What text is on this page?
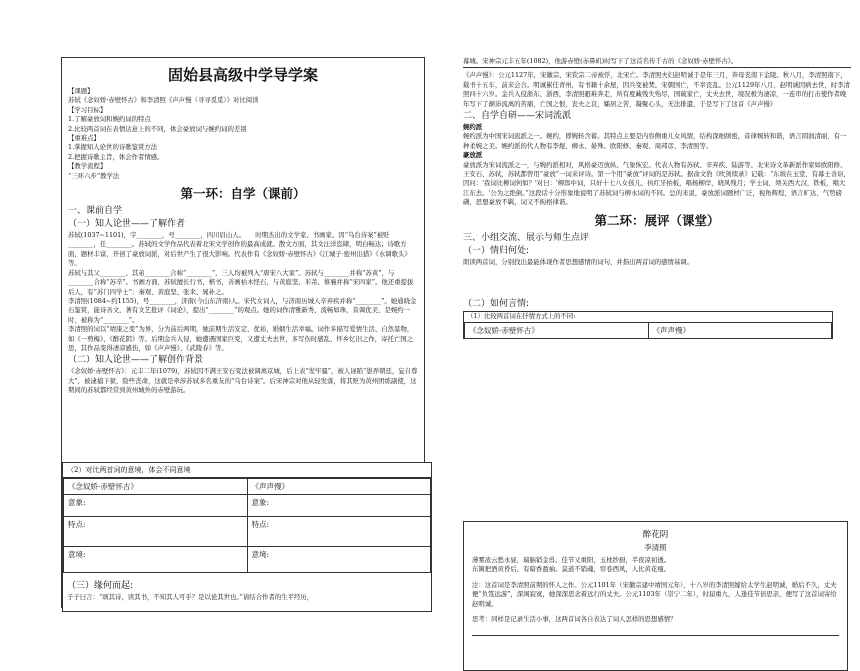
固始县高级中学导学案

【课题】

苏轼《念奴娇·赤壁怀古》和李清照《声声慢（寻寻觅觅）》对比阅读

【学习目标】

1.了解豪放词和婉约词的特点

2.比较两首词在表情达意上的不同，体会豪放词与婉约词的差别

【重难点】

1.掌握知人论世的诗歌鉴赏方法

2.把握诗歌主旨，体会作者情感。

【教学流程】

“三环六步”教学法

第一环：自学（课前）
一、课前自学
（一）知人论世——了解作者

苏轼(1037~1101)，字________，号________，四川眉山人。     时期杰出的文学家、书画家。因“乌台诗案”被贬________，任________。苏轼的文学作品代表着北宋文学创作的最高成就。散文方面，其文汪洋恣肆，明白畅达；诗歌方面，题材丰富，开创了豪放词派，对后世产生了很大影响。代表作有《念奴娇·赤壁怀古》《江城子·密州出猎》《水调歌头》等。

苏轼与其父________、其弟________合称“________”，三人均被列入“唐宋八大家”。苏轼与________并称“苏黄”，与________合称“苏辛”。书画方面，苏轼擅长行书、楷书，善画枯木怪石，与黄庭坚、米芾、蔡襄并称“宋四家”。他还重提拔后人，有“苏门四学士”：秦观、黄庭坚、张耒、晁补之。

李清照(1084~约1155)，号________，济南(今山东济南)人。宋代女词人，与济南历城人辛弃疾并称“________”。她通晓金石鉴赏，能诗善文，著有文艺批评《词论》，提出“________”的观点。她的词作清雅新秀，流畅如珠，音调优美，是婉约一时，被称为“________”。

李清照的词以“靖康之变”为界，分为前后两期，她前期生活安定、优裕，婚姻生活幸福。词作多描写爱情生活、自然景物，如《一剪梅》、《醉花阴》等。后期金兵入侵，她遭遇国家巨变，又遭丈夫去世，多写伤时感乱、怀乡忆旧之作，寄托亡国之思，其作品变得凄凉感伤，如《声声慢》、《武陵春》等。

（二）知人论世——了解创作背景

《念奴娇·赤壁怀古》：元丰二年(1079)，苏轼因不满王安石变法被调离京城，后上表“发牢骚”，被人诬陷“愚弄朝廷，妄自尊大”，被逮捕下狱，险些丧命，这就是牵涉苏轼多名重友的“乌台诗案”。后宋神宗对他从轻发落，将其贬为黄州团练副使，这期间的苏轼都经常到黄州城外的赤壁游玩。

（2）对比两首词的意境，体会不同意境
《念奴娇·赤壁怀古》	《声声慢》
意象:	意象:
特点:	特点:
意境:	意境:
（三）缘何而起:

子子曰言：“颂其诗，读其书，不知其人可乎？是以论其世也。”请结合作者的生平经历，

幕城。宋神宗元丰五年(1082)，他游赤壁(赤鼻矶)时写下了这首名传千古的《念奴娇·赤壁怀古》。

《声声慢》：公元1127年，宋徽宗、宋钦宗二帝被俘，北宋亡。李清照夫妇赵明诚于是年三月，奔母丧南下金陵。秋八月，李清照南下，载书十五车，前来会合。明诚累任青州，有书籍十余屋，因兵变被焚。宋朝国亡，不幸丧乱。公元1129年八月，赵明诚因病去世，时李清照四十六岁。金兵入侵浙东、浙西，李清照避难奔走，所有度藏残失殆尽，国破家亡，丈夫去世，境况极为凄凉，一连串的打击使作者晚年写下了颠沛流离的苦痛，亡国之恨，丧夫之哀，孀居之苦，凝聚心头，无法排遣，于是写下了这首《声声慢》

二、自学自研——宋词流派

婉约派

婉约派为中国宋词流派之一。婉约，即婉转含蓄。其特点主要是内容侧重儿女风情，结构深细缜密，音律婉转和谐，语言圆润清丽，有一种柔婉之美。婉约派的代人物有李煜、柳永、晏殊、欧阳修、秦观、周邦彦、李清照等。

豪放派

豪放派为宋词流派之一，与婉约派相对，风格豪迈放纵、气象恢宏。代表人物有苏轼、辛弃疾、陆游等。北宋诗文革新派作家如欧阳修、王安石、苏轼，苏轼都曾用“豪放”一词来评诗。第一个用“豪放”评词的是苏轼。据俞文豹《吹剑续录》记载：“东坡在玉堂，有幕士善讴，因问：'我词比柳词何如？'对曰：'柳郎中词，只好十七八女孩儿，执红牙拍板，唱杨柳岸，晓风残月；学士词，须关西大汉，铁板，唱大江东去。'公为之绝倒。”这段话十分形象地说明了苏轼词与柳永词的不同。总的来说，豪放派词题材广泛，视角辉煌，语言旷达，气势磅礴，思想豪放不羁，词又不拘格律谐。

第二环：展评（课堂）
三、小组交流、展示与师生点评
（一）情归何处:

朗读两首词，分别找出最能体现作者思想感情的词句，并指出两首词的感情基调。

（二）如何言情:

（1）比较两首词在抒情方式上的不同:

《念奴娇·赤壁怀古》	《声声慢》
醉花阴
李清照

薄雾浓云愁永昼，瑞脑销金兽。佳节又重阳，玉枕纱厨，半夜凉初透。

东篱把酒黄昏后，有暗香盈袖。莫道不销魂，帘卷西风，人比黄花瘦。

注：这首词是李清照前期的怀人之作。公元1101年（宋徽宗建中靖国元年），十八岁的李清照嫁给太学生赵明诚，婚后不久，丈夫便“负笈远游”，深闺寂寞，她深深思念着远行的丈夫。公元1103年（崇宁二年），时届重九，人逢佳节倍思亲，便写了这首词寄给赵明诚。

思考：同样是记录生活小事，这两首词各自表达了词人怎样的思想感情？
